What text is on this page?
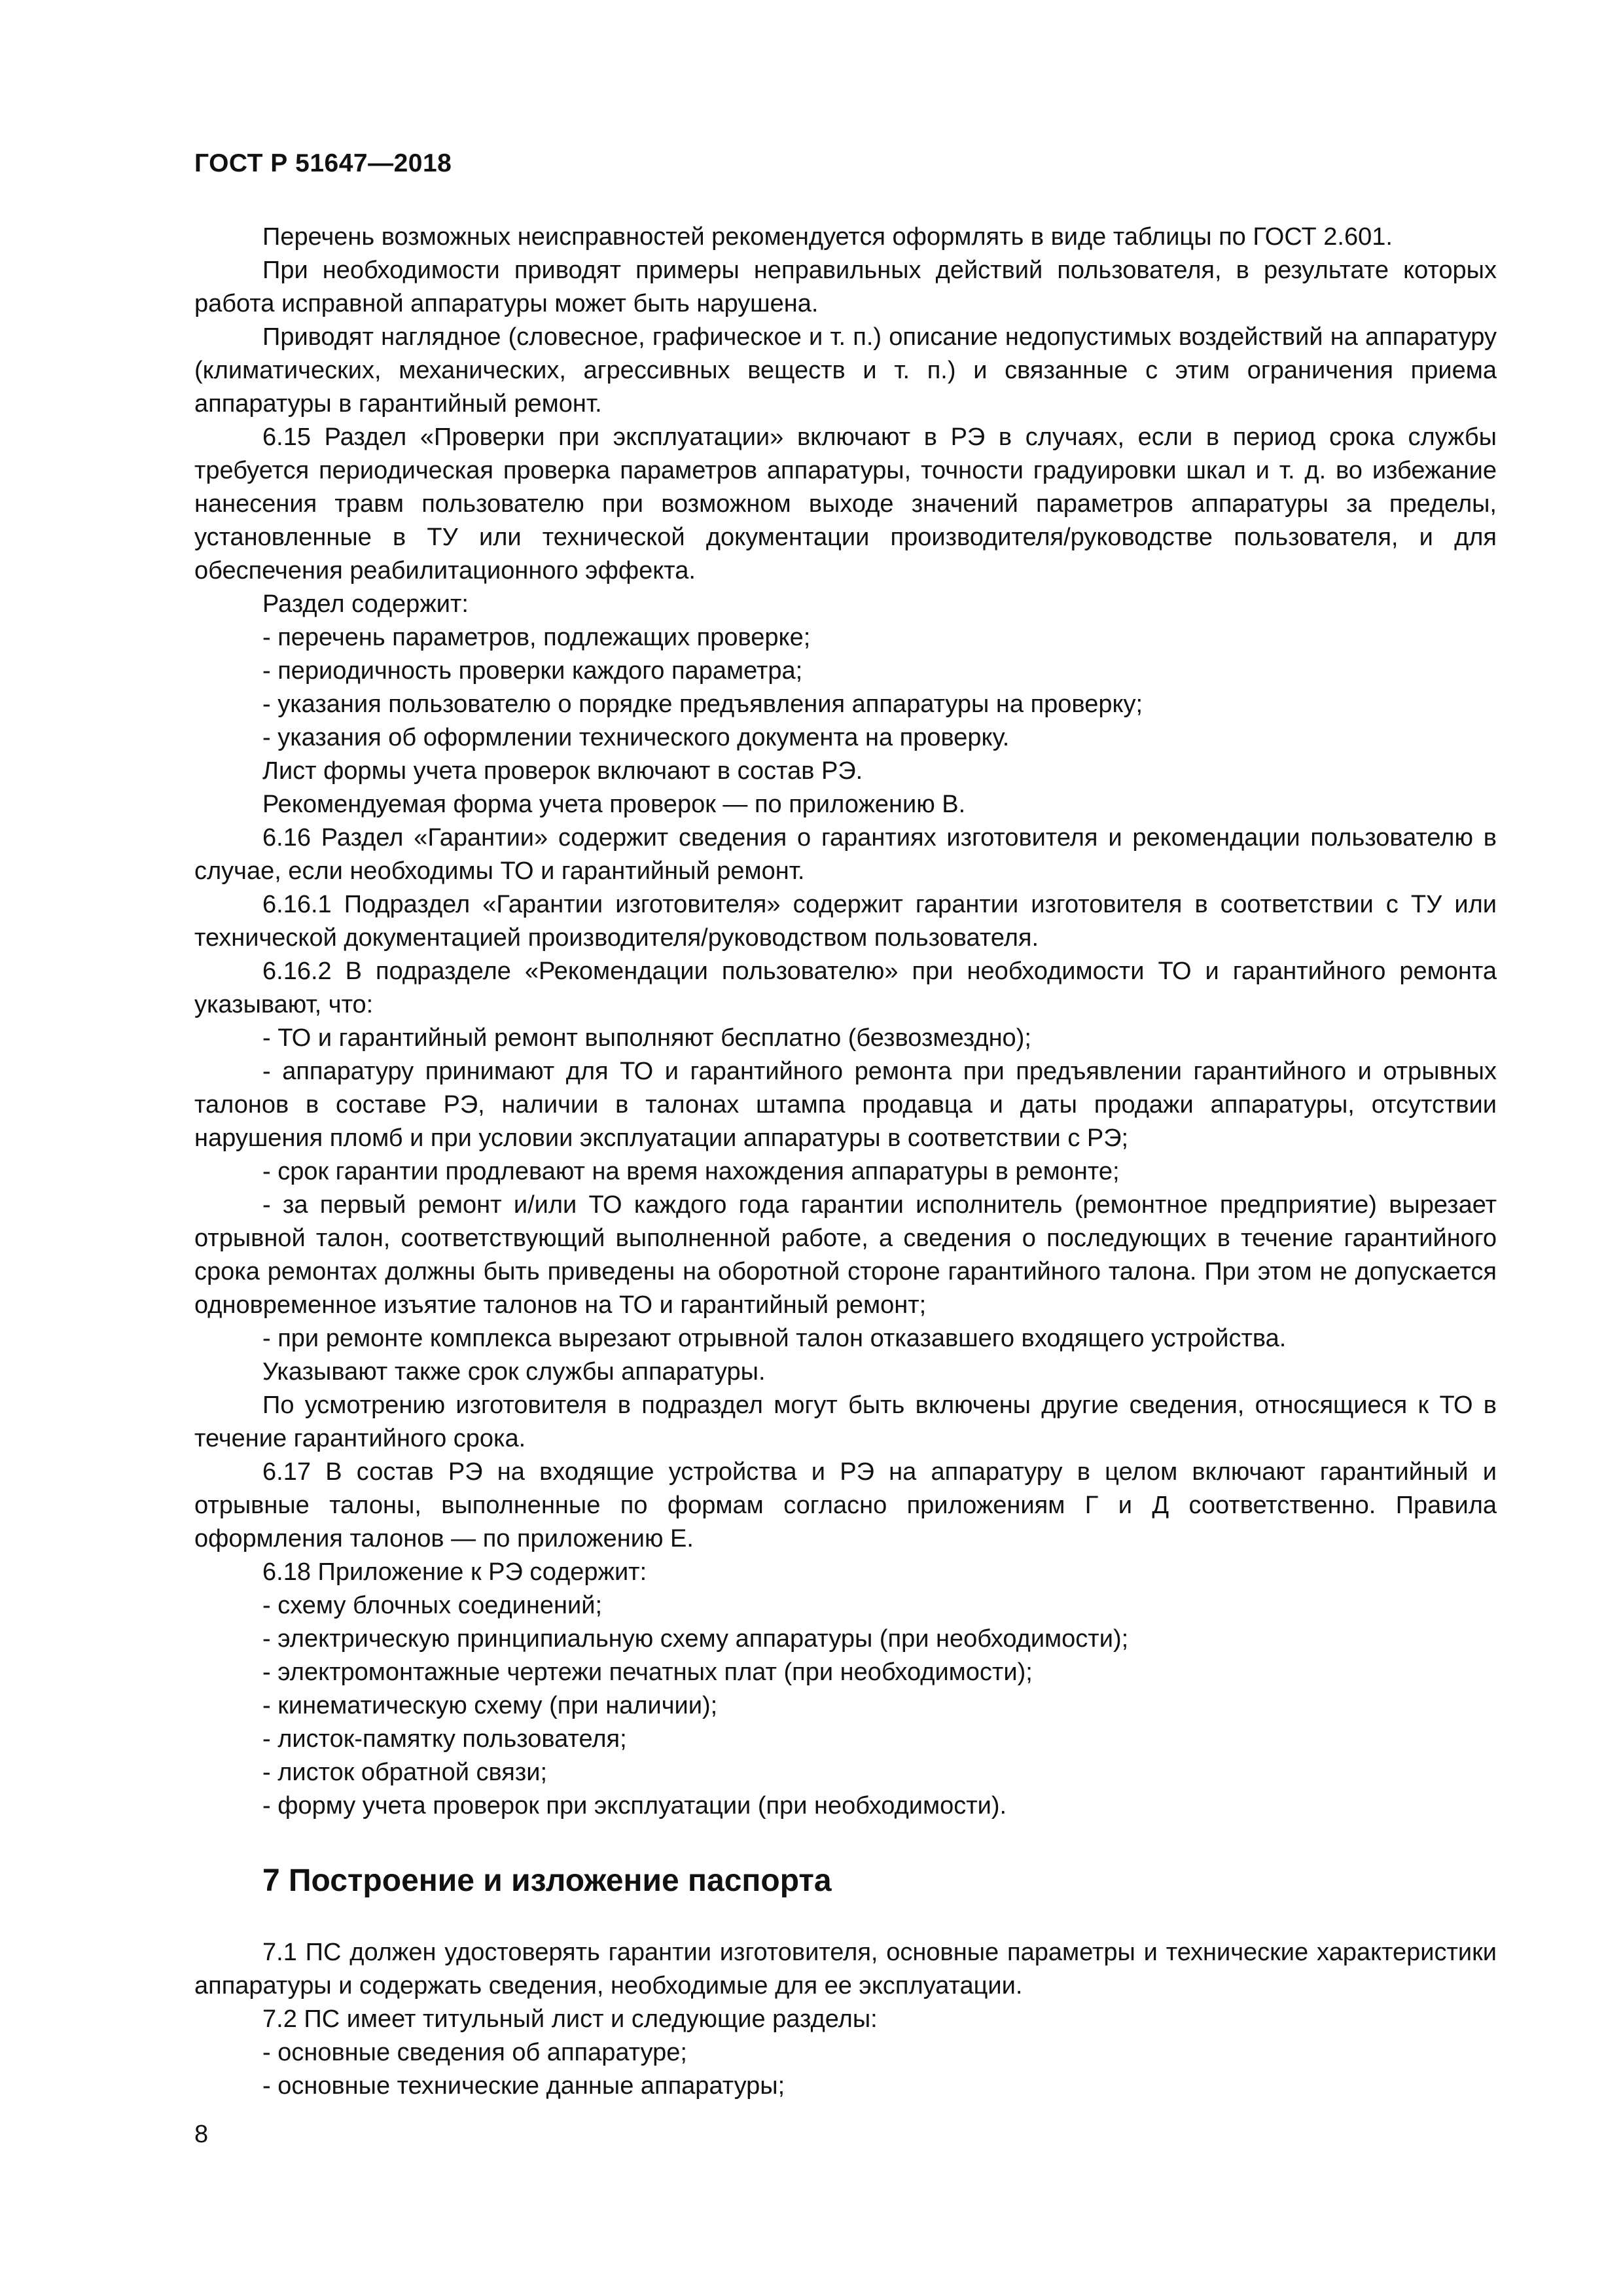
ГОСТ Р 51647—2018

Перечень возможных неисправностей рекомендуется оформлять в виде таблицы по ГОСТ 2.601.

При необходимости приводят примеры неправильных действий пользователя, в результате которых работа исправной аппаратуры может быть нарушена.

Приводят наглядное (словесное, графическое и т. п.) описание недопустимых воздействий на аппаратуру (климатических, механических, агрессивных веществ и т. п.) и связанные с этим ограничения приема аппаратуры в гарантийный ремонт.

6.15 Раздел «Проверки при эксплуатации» включают в РЭ в случаях, если в период срока службы требуется периодическая проверка параметров аппаратуры, точности градуировки шкал и т. д. во избежание нанесения травм пользователю при возможном выходе значений параметров аппаратуры за пределы, установленные в ТУ или технической документации производителя/руководстве пользователя, и для обеспечения реабилитационного эффекта.

Раздел содержит:

- перечень параметров, подлежащих проверке;

- периодичность проверки каждого параметра;

- указания пользователю о порядке предъявления аппаратуры на проверку;

- указания об оформлении технического документа на проверку.

Лист формы учета проверок включают в состав РЭ.

Рекомендуемая форма учета проверок — по приложению В.

6.16 Раздел «Гарантии» содержит сведения о гарантиях изготовителя и рекомендации пользователю в случае, если необходимы ТО и гарантийный ремонт.

6.16.1 Подраздел «Гарантии изготовителя» содержит гарантии изготовителя в соответствии с ТУ или технической документацией производителя/руководством пользователя.

6.16.2 В подразделе «Рекомендации пользователю» при необходимости ТО и гарантийного ремонта указывают, что:

- ТО и гарантийный ремонт выполняют бесплатно (безвозмездно);

- аппаратуру принимают для ТО и гарантийного ремонта при предъявлении гарантийного и отрывных талонов в составе РЭ, наличии в талонах штампа продавца и даты продажи аппаратуры, отсутствии нарушения пломб и при условии эксплуатации аппаратуры в соответствии с РЭ;

- срок гарантии продлевают на время нахождения аппаратуры в ремонте;

- за первый ремонт и/или ТО каждого года гарантии исполнитель (ремонтное предприятие) вырезает отрывной талон, соответствующий выполненной работе, а сведения о последующих в течение гарантийного срока ремонтах должны быть приведены на оборотной стороне гарантийного талона. При этом не допускается одновременное изъятие талонов на ТО и гарантийный ремонт;

- при ремонте комплекса вырезают отрывной талон отказавшего входящего устройства.

Указывают также срок службы аппаратуры.

По усмотрению изготовителя в подраздел могут быть включены другие сведения, относящиеся к ТО в течение гарантийного срока.

6.17 В состав РЭ на входящие устройства и РЭ на аппаратуру в целом включают гарантийный и отрывные талоны, выполненные по формам согласно приложениям Г и Д соответственно. Правила оформления талонов — по приложению Е.

6.18 Приложение к РЭ содержит:

- схему блочных соединений;

- электрическую принципиальную схему аппаратуры (при необходимости);

- электромонтажные чертежи печатных плат (при необходимости);

- кинематическую схему (при наличии);

- листок-памятку пользователя;

- листок обратной связи;

- форму учета проверок при эксплуатации (при необходимости).

7 Построение и изложение паспорта

7.1 ПС должен удостоверять гарантии изготовителя, основные параметры и технические характеристики аппаратуры и содержать сведения, необходимые для ее эксплуатации.

7.2 ПС имеет титульный лист и следующие разделы:

- основные сведения об аппаратуре;

- основные технические данные аппаратуры;

8
